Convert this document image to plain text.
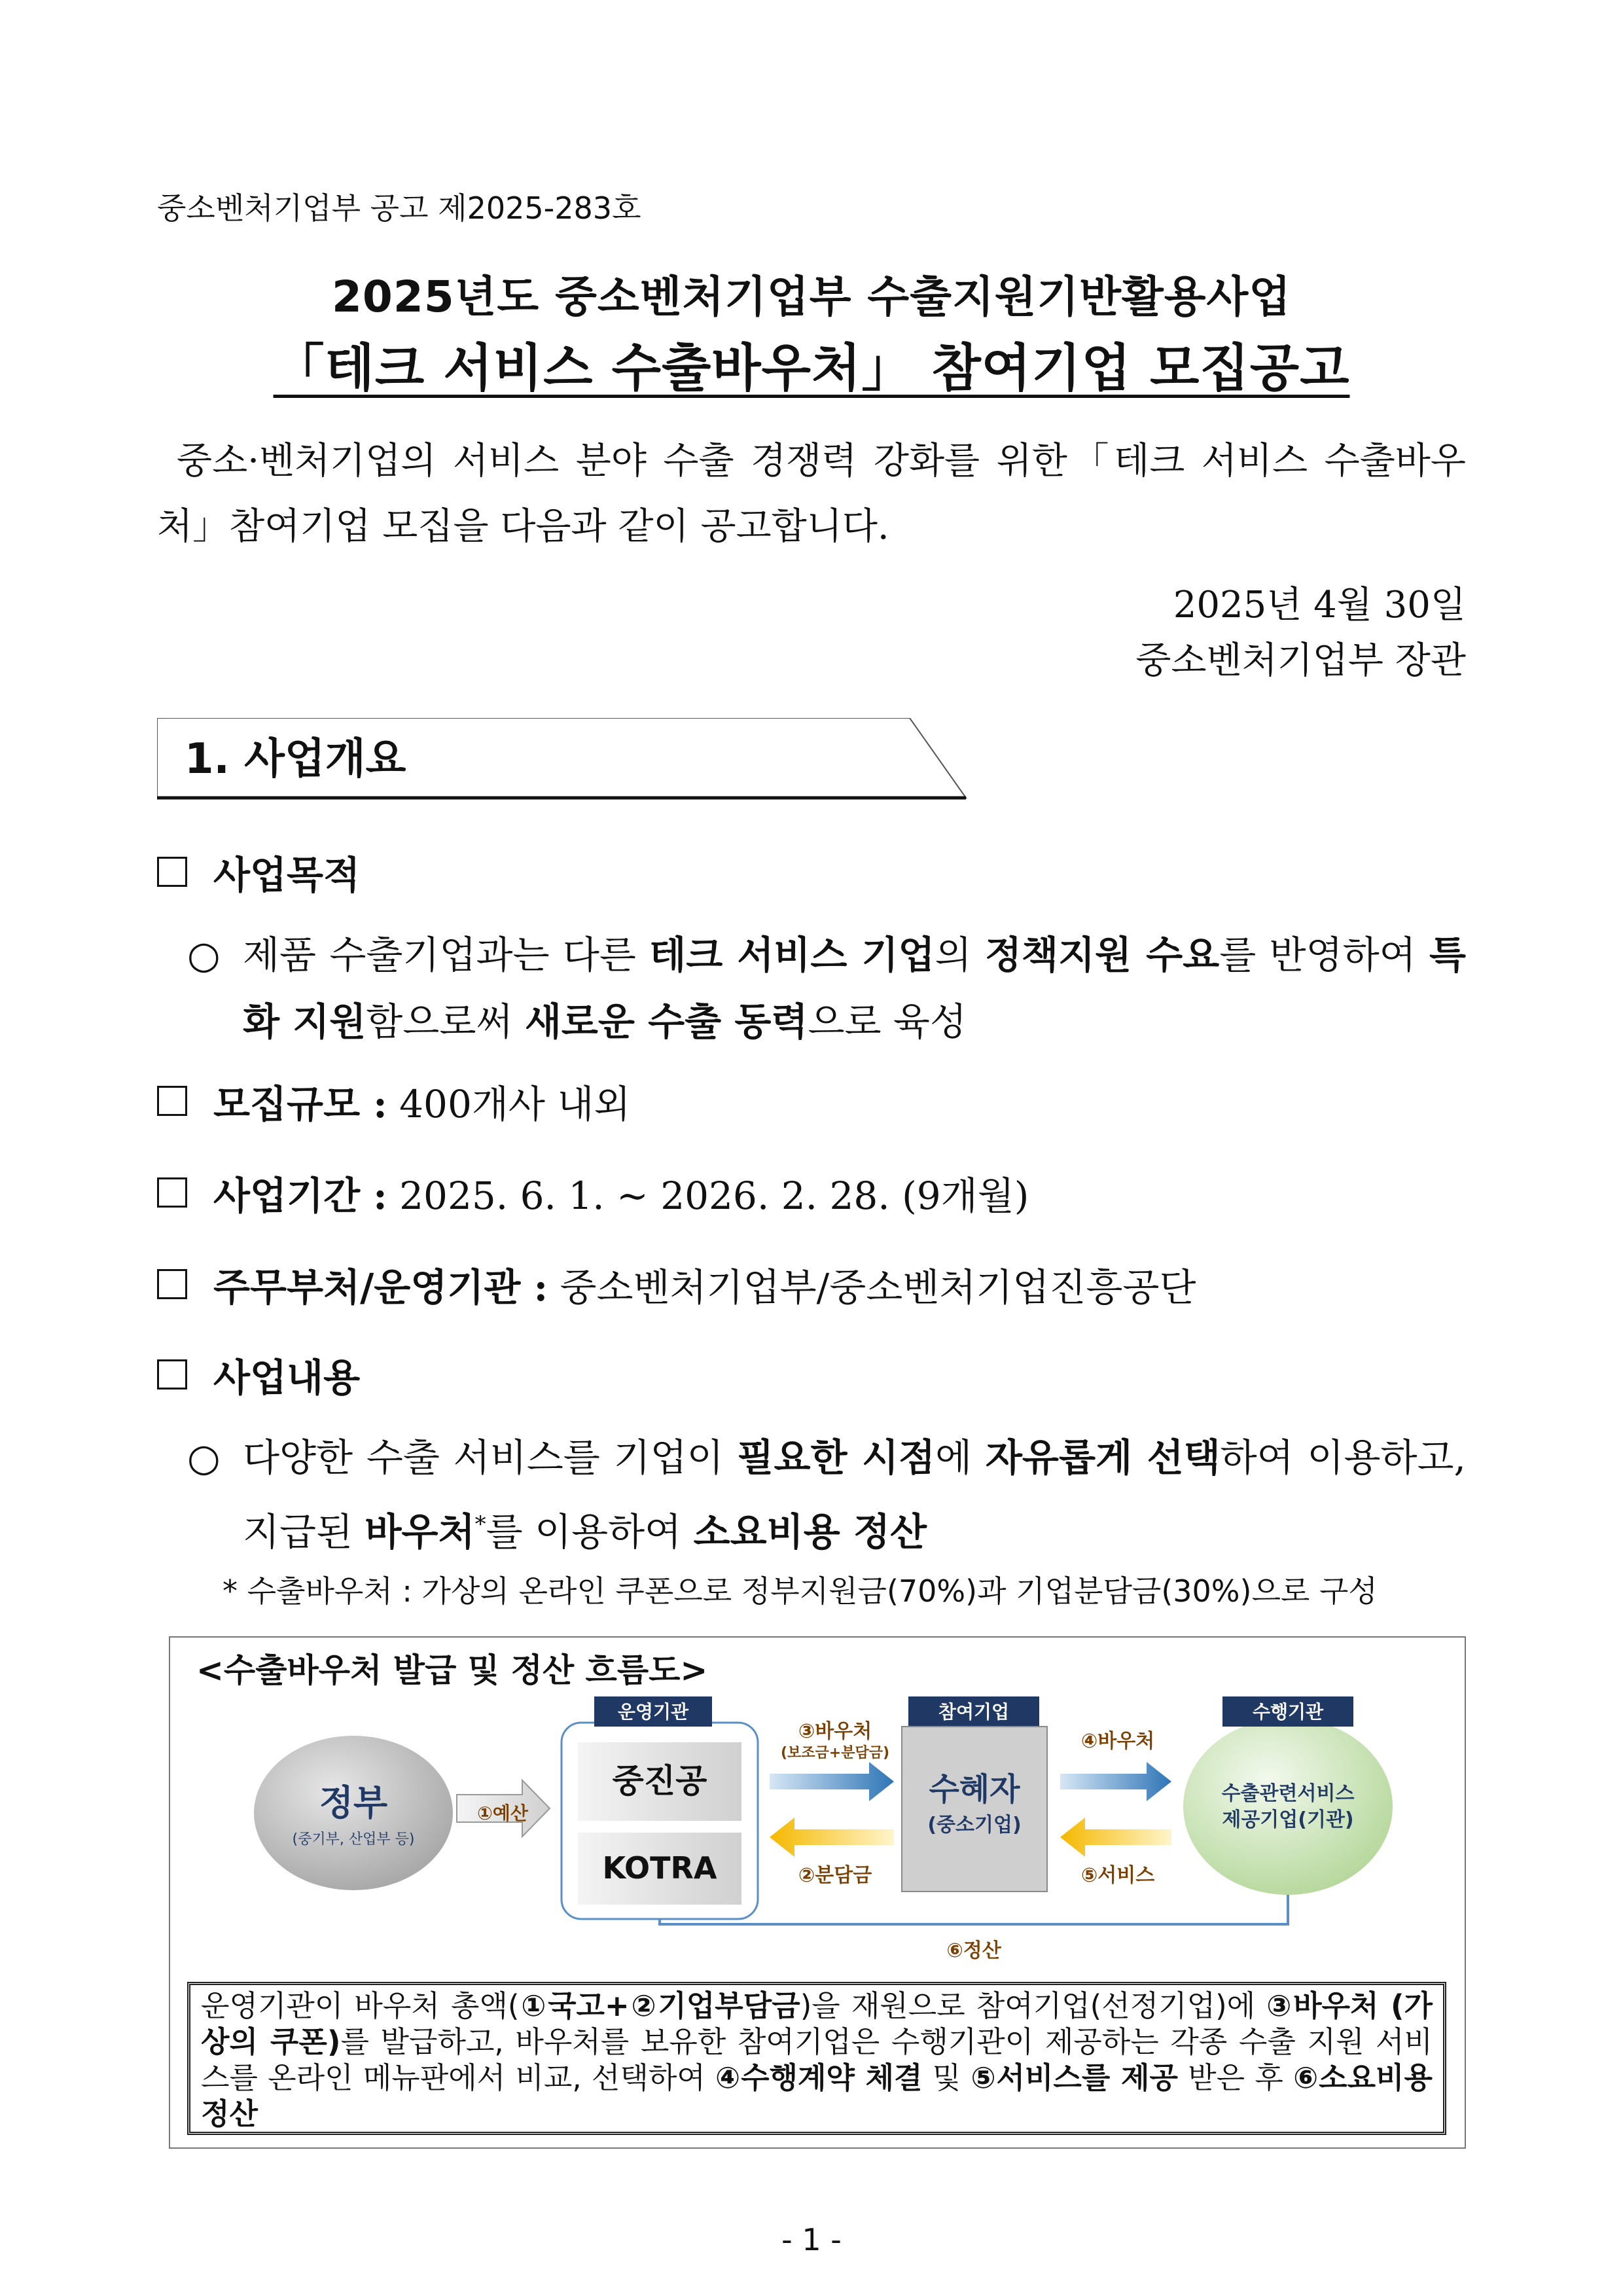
중소벤처기업부 공고 제2025-283호
2025년도 중소벤처기업부 수출지원기반활용사업
「테크 서비스 수출바우처」 참여기업 모집공고
중소·벤처기업의 서비스 분야 수출 경쟁력 강화를 위한「테크 서비스 수출바우처」참여기업 모집을 다음과 같이 공고합니다.
2025년 4월 30일
중소벤처기업부 장관
1. 사업개요
사업목적
○ 제품 수출기업과는 다른 테크 서비스 기업의 정책지원 수요를 반영하여 특화 지원함으로써 새로운 수출 동력으로 육성
모집규모 :
400개사 내외
사업기간 :
2025. 6. 1. ~ 2026. 2. 28. (9개월)
주무부처/운영기관 :
중소벤처기업부/중소벤처기업진흥공단
사업내용
○ 다양한 수출 서비스를 기업이 필요한 시점에 자유롭게 선택하여 이용하고, 지급된 바우처*를 이용하여 소요비용 정산
* 수출바우처 : 가상의 온라인 쿠폰으로 정부지원금(70%)과 기업분담금(30%)으로 구성
<수출바우처 발급 및 정산 흐름도>
정부
(중기부, 산업부 등)
①예산
운영기관
중진공
KOTRA
③바우처
(보조금+분담금)
②분담금
참여기업
수혜자
(중소기업)
④바우처
⑤서비스
수행기관
수출관련서비스
제공기업(기관)
⑥정산
운영기관이 바우처 총액(①국고+②기업부담금)을 재원으로 참여기업(선정기업)에 ③바우처 (가상의 쿠폰)를 발급하고, 바우처를 보유한 참여기업은 수행기관이 제공하는 각종 수출 지원 서비스를 온라인 메뉴판에서 비교, 선택하여 ④수행계약 체결 및 ⑤서비스를 제공 받은 후 ⑥소요비용 정산
- 1 -
